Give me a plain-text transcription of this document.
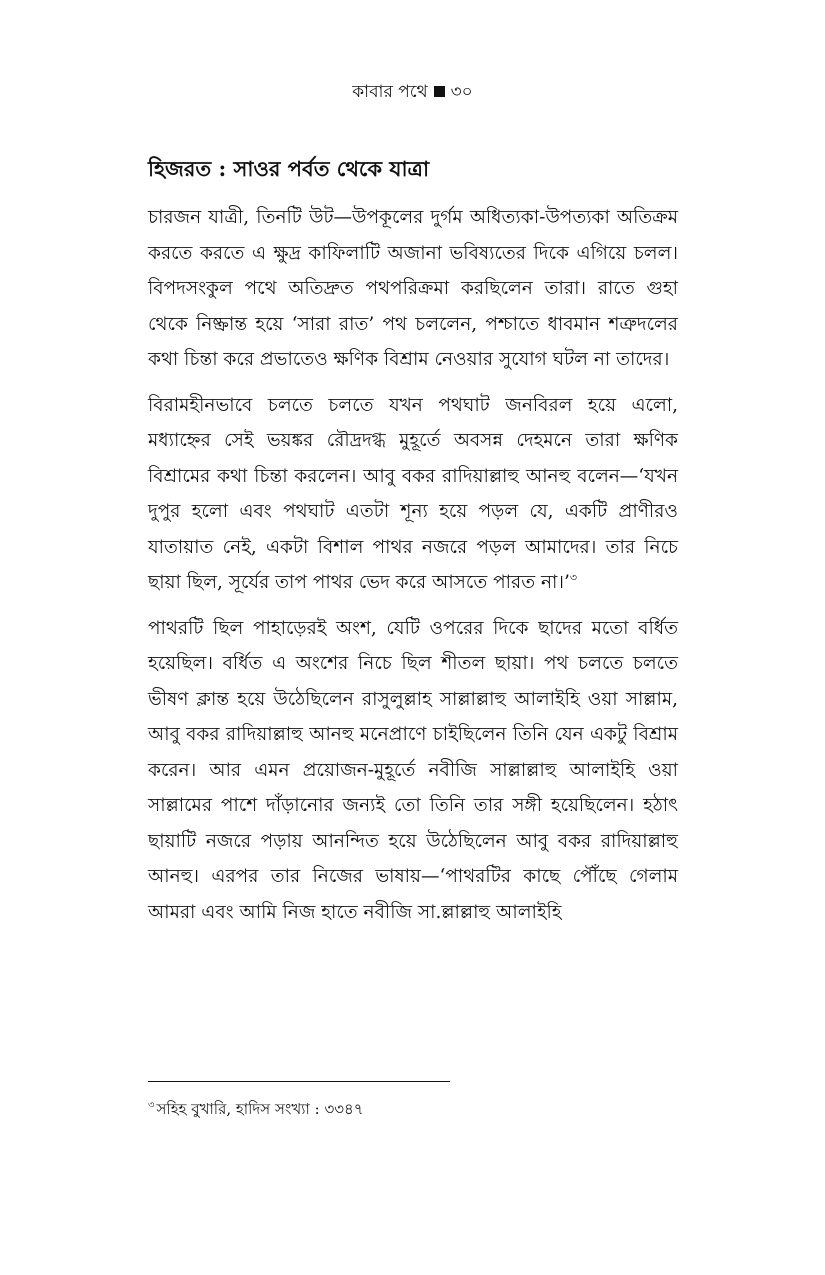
কাবার পথে ৩০
হিজরত : সাওর পর্বত থেকে যাত্রা

চারজন যাত্রী, তিনটি উট—উপকূলের দুর্গম অধিত্যকা-উপত্যকা অতিক্রম করতে করতে এ ক্ষুদ্র কাফিলাটি অজানা ভবিষ্যতের দিকে এগিয়ে চলল। বিপদসংকুল পথে অতিদ্রুত পথপরিক্রমা করছিলেন তারা। রাতে গুহা থেকে নিষ্ক্রান্ত হয়ে ‘সারা রাত’ পথ চললেন, পশ্চাতে ধাবমান শত্রুদলের কথা চিন্তা করে প্রভাতেও ক্ষণিক বিশ্রাম নেওয়ার সুযোগ ঘটল না তাদের।

বিরামহীনভাবে চলতে চলতে যখন পথঘাট জনবিরল হয়ে এলো, মধ্যাহ্নের সেই ভয়ঙ্কর রৌদ্রদগ্ধ মুহূর্তে অবসন্ন দেহমনে তারা ক্ষণিক বিশ্রামের কথা চিন্তা করলেন। আবু বকর রাদিয়াল্লাহু আনহু বলেন—‘যখন দুপুর হলো এবং পথঘাট এতটা শূন্য হয়ে পড়ল যে, একটি প্রাণীরও যাতায়াত নেই, একটা বিশাল পাথর নজরে পড়ল আমাদের। তার নিচে ছায়া ছিল, সূর্যের তাপ পাথর ভেদ করে আসতে পারত না।’$^৩$

পাথরটি ছিল পাহাড়েরই অংশ, যেটি ওপরের দিকে ছাদের মতো বর্ধিত হয়েছিল। বর্ধিত এ অংশের নিচে ছিল শীতল ছায়া। পথ চলতে চলতে ভীষণ ক্লান্ত হয়ে উঠেছিলেন রাসুলুল্লাহ সাল্লাল্লাহু আলাইহি ওয়া সাল্লাম, আবু বকর রাদিয়াল্লাহু আনহু মনেপ্রাণে চাইছিলেন তিনি যেন একটু বিশ্রাম করেন। আর এমন প্রয়োজন-মুহূর্তে নবীজি সাল্লাল্লাহু আলাইহি ওয়া সাল্লামের পাশে দাঁড়ানোর জন্যই তো তিনি তার সঙ্গী হয়েছিলেন। হঠাৎ ছায়াটি নজরে পড়ায় আনন্দিত হয়ে উঠেছিলেন আবু বকর রাদিয়াল্লাহু আনহু। এরপর তার নিজের ভাষায়—‘পাথরটির কাছে পৌঁছে গেলাম আমরা এবং আমি নিজ হাতে নবীজি সা.ল্লাল্লাহু আলাইহি

$^৩$ সহিহ বুখারি, হাদিস সংখ্যা : ৩৩৪৭
